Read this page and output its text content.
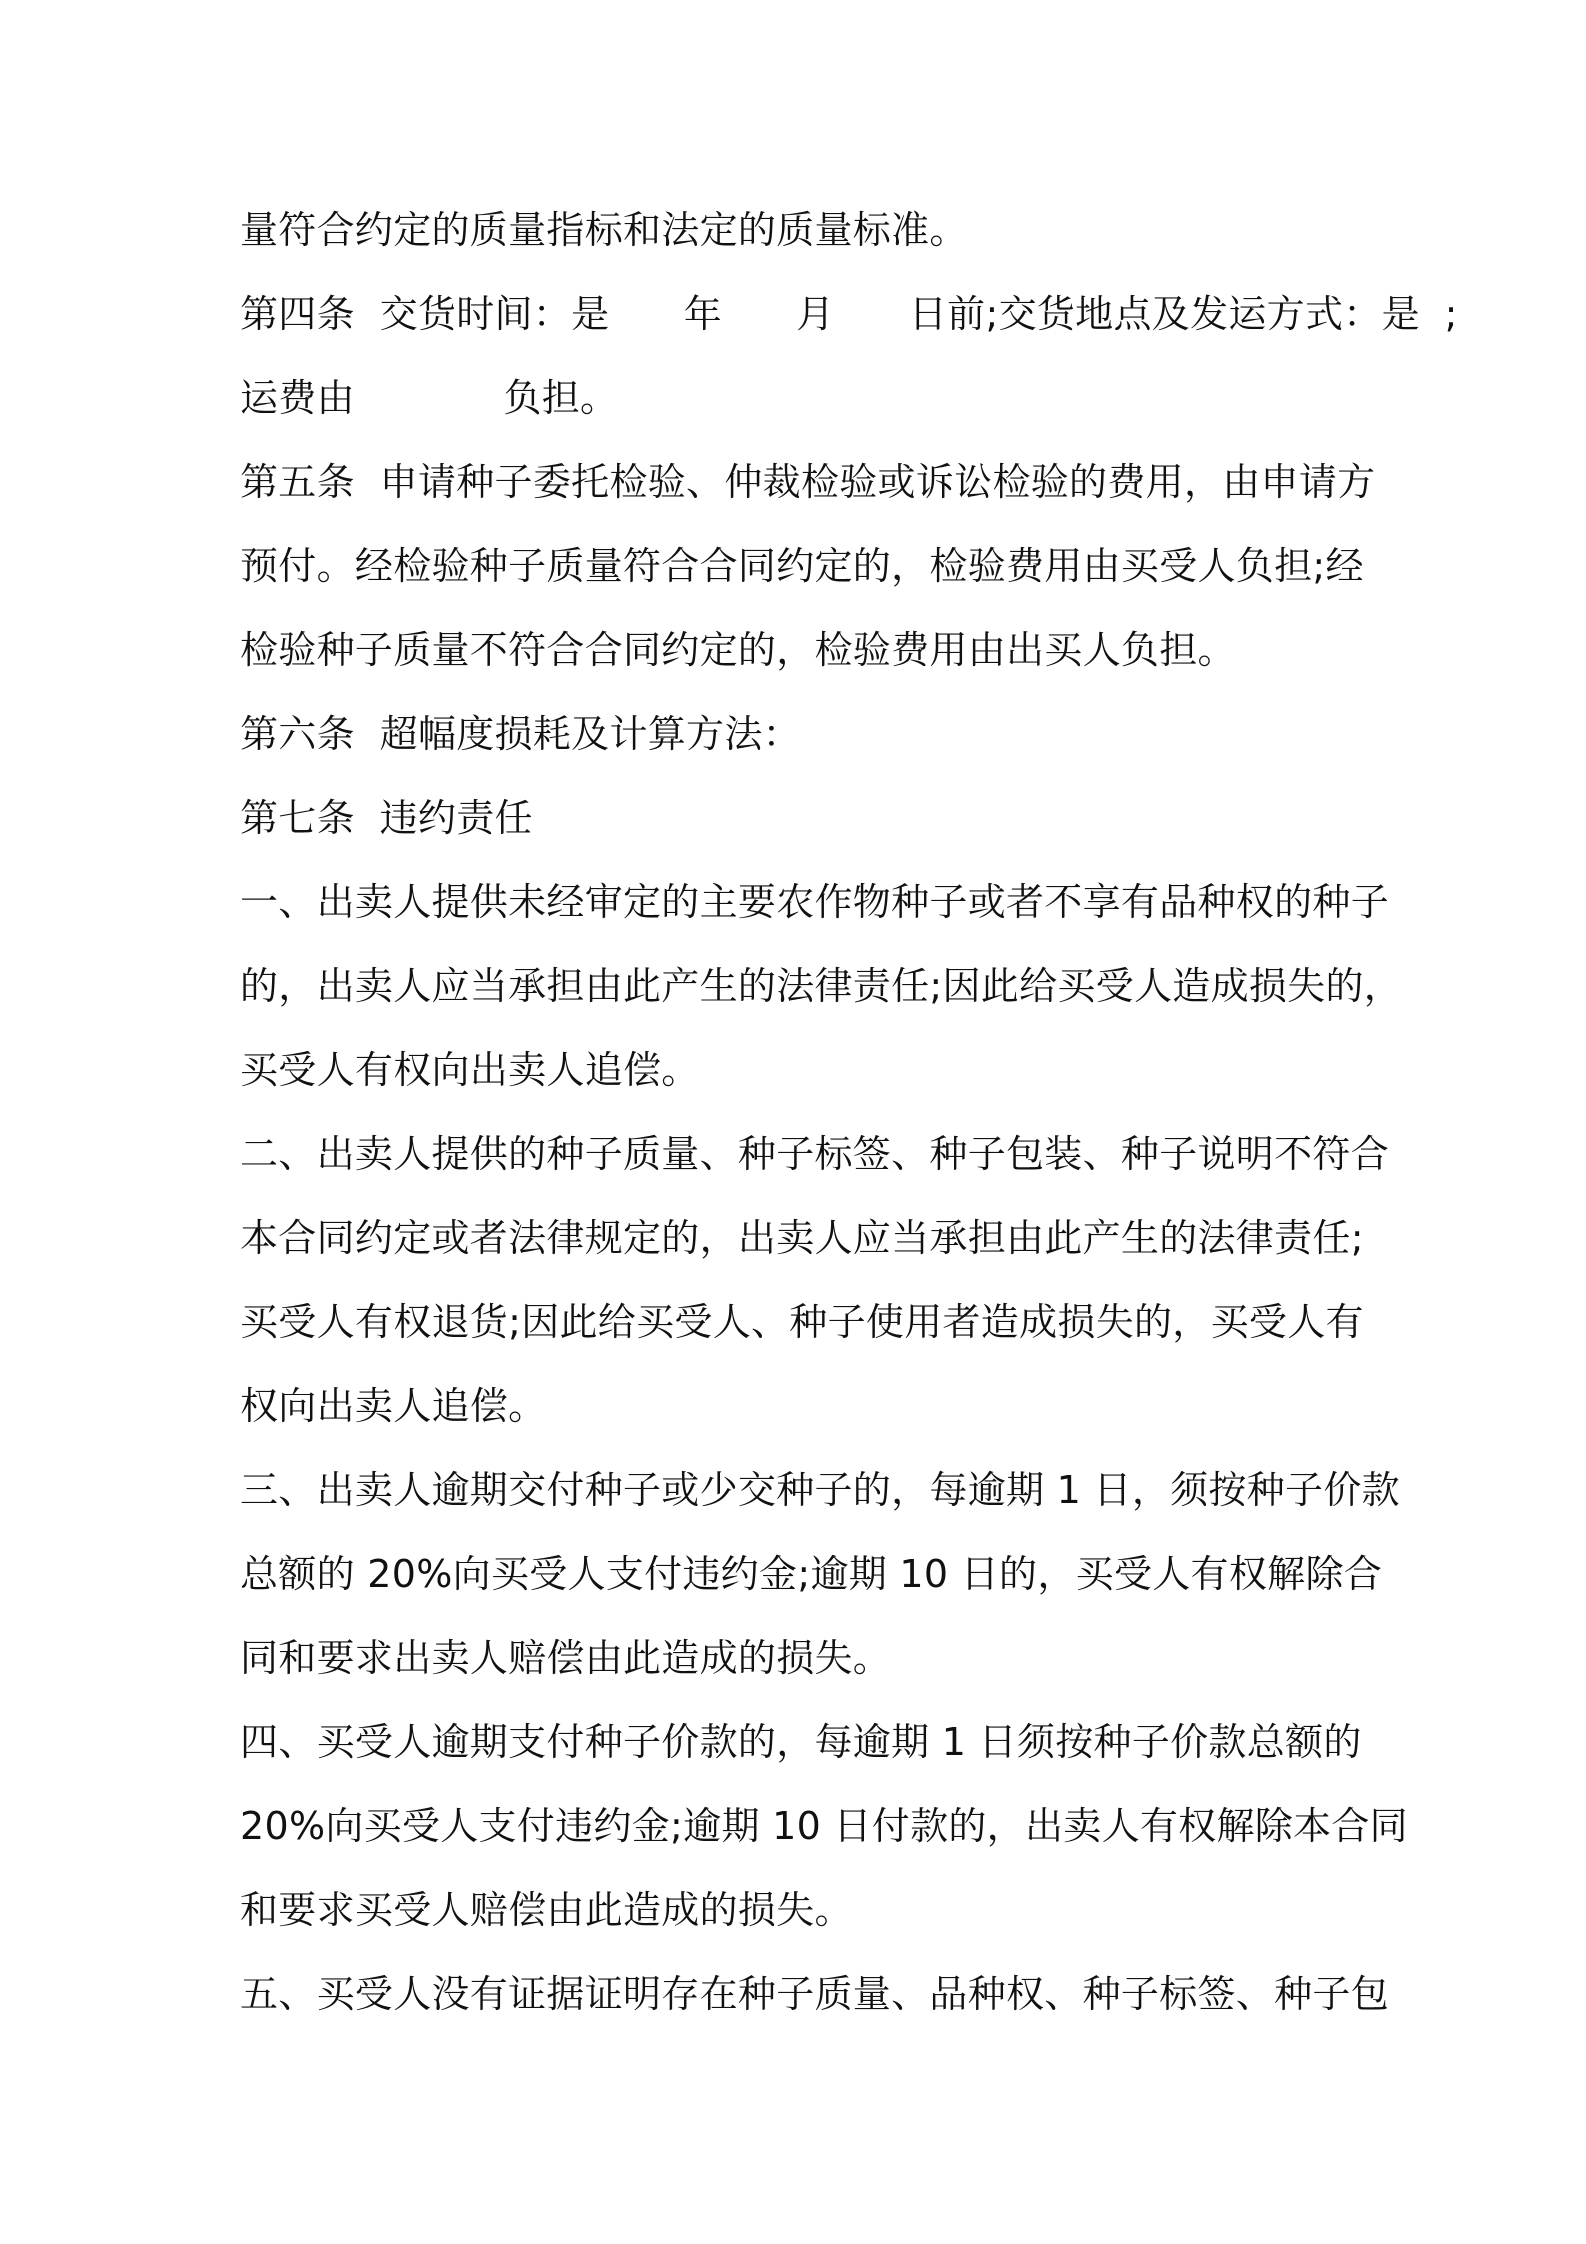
量符合约定的质量指标和法定的质量标准。
第四条  交货时间：是      年      月      日前;交货地点及发运方式：是  ;
运费由            负担。
第五条  申请种子委托检验、仲裁检验或诉讼检验的费用，由申请方
预付。经检验种子质量符合合同约定的，检验费用由买受人负担;经
检验种子质量不符合合同约定的，检验费用由出买人负担。
第六条  超幅度损耗及计算方法：
第七条  违约责任
一、出卖人提供未经审定的主要农作物种子或者不享有品种权的种子
的，出卖人应当承担由此产生的法律责任;因此给买受人造成损失的，
买受人有权向出卖人追偿。
二、出卖人提供的种子质量、种子标签、种子包装、种子说明不符合
本合同约定或者法律规定的，出卖人应当承担由此产生的法律责任;
买受人有权退货;因此给买受人、种子使用者造成损失的，买受人有
权向出卖人追偿。
三、出卖人逾期交付种子或少交种子的，每逾期 1 日，须按种子价款
总额的 20%向买受人支付违约金;逾期 10 日的，买受人有权解除合
同和要求出卖人赔偿由此造成的损失。
四、买受人逾期支付种子价款的，每逾期 1 日须按种子价款总额的
20%向买受人支付违约金;逾期 10 日付款的，出卖人有权解除本合同
和要求买受人赔偿由此造成的损失。
五、买受人没有证据证明存在种子质量、品种权、种子标签、种子包
